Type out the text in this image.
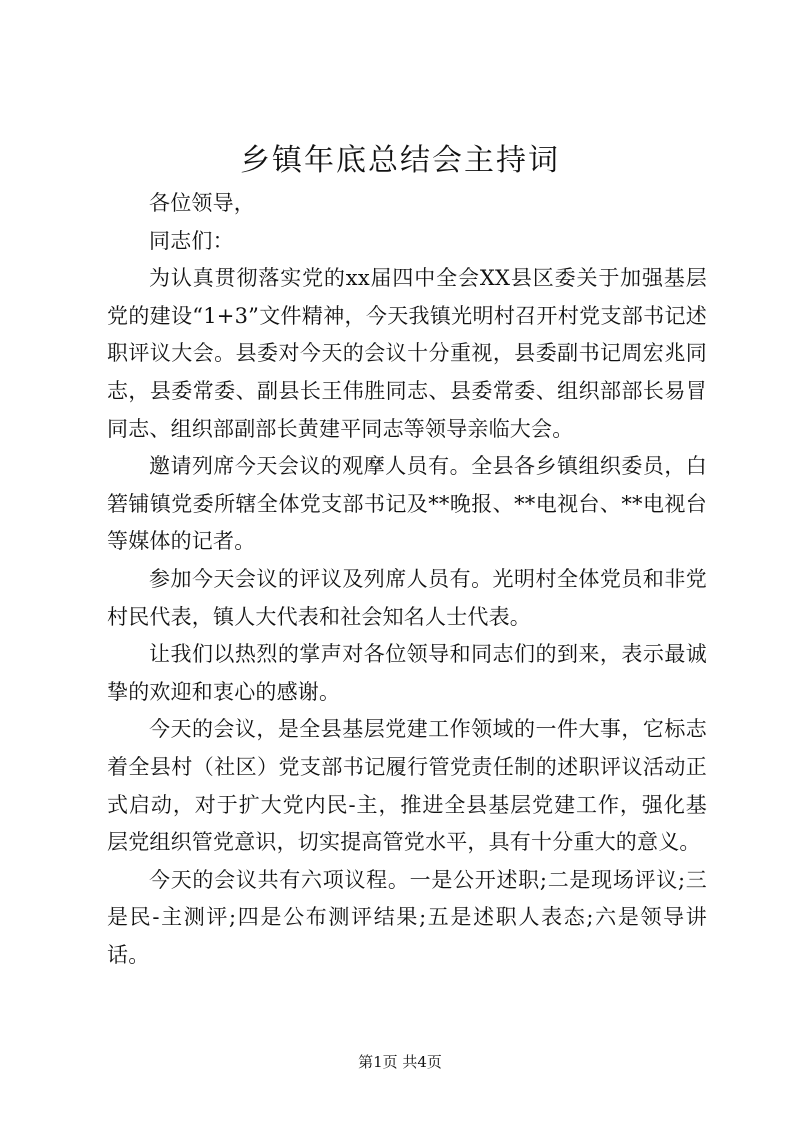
乡镇年底总结会主持词

各位领导，

同志们：

为认真贯彻落实党的xx届四中全会XX县区委关于加强基层党的建设“1+3”文件精神，今天我镇光明村召开村党支部书记述职评议大会。县委对今天的会议十分重视，县委副书记周宏兆同志，县委常委、副县长王伟胜同志、县委常委、组织部部长易冒同志、组织部副部长黄建平同志等领导亲临大会。

邀请列席今天会议的观摩人员有。全县各乡镇组织委员，白箬铺镇党委所辖全体党支部书记及**晚报、**电视台、**电视台等媒体的记者。

参加今天会议的评议及列席人员有。光明村全体党员和非党村民代表，镇人大代表和社会知名人士代表。

让我们以热烈的掌声对各位领导和同志们的到来，表示最诚挚的欢迎和衷心的感谢。

今天的会议，是全县基层党建工作领域的一件大事，它标志着全县村（社区）党支部书记履行管党责任制的述职评议活动正式启动，对于扩大党内民-主，推进全县基层党建工作，强化基层党组织管党意识，切实提高管党水平，具有十分重大的意义。

今天的会议共有六项议程。一是公开述职;二是现场评议;三是民-主测评;四是公布测评结果;五是述职人表态;六是领导讲话。

第1页 共4页
